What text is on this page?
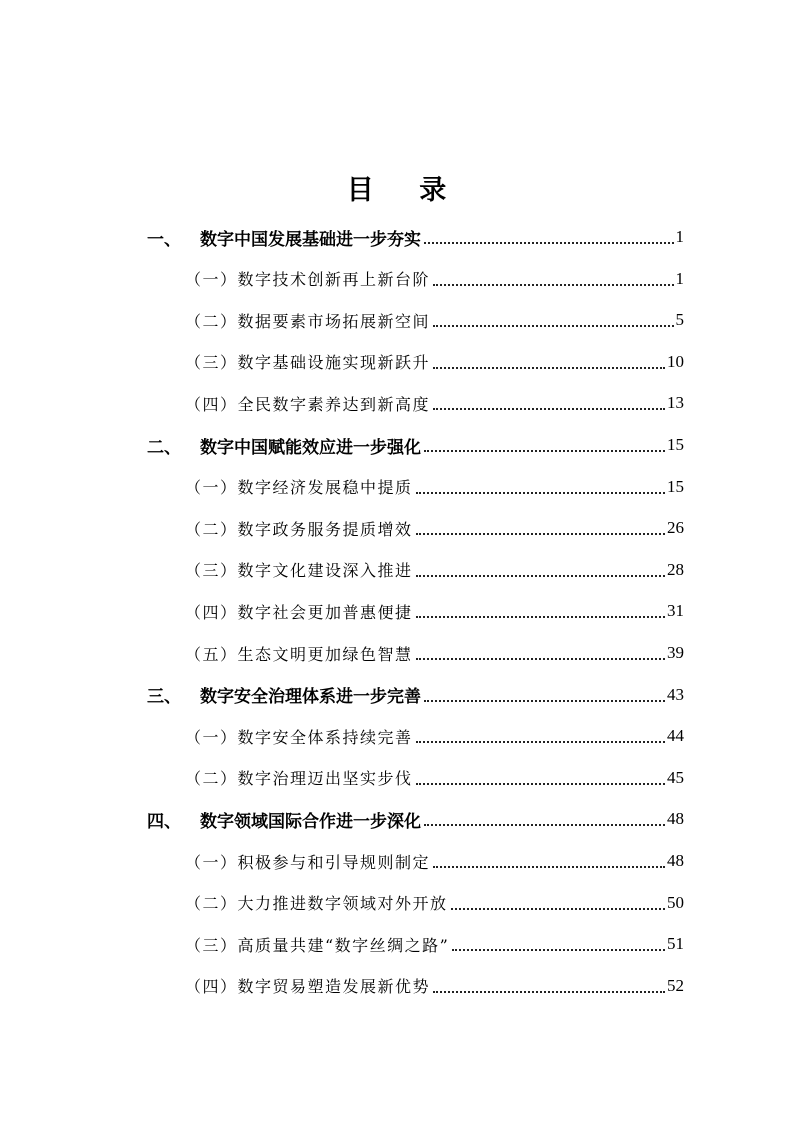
目 录
一、	数字中国发展基础进一步夯实	1
（一）数字技术创新再上新台阶	1
（二）数据要素市场拓展新空间	5
（三）数字基础设施实现新跃升	10
（四）全民数字素养达到新高度	13
二、	数字中国赋能效应进一步强化	15
（一）数字经济发展稳中提质	15
（二）数字政务服务提质增效	26
（三）数字文化建设深入推进	28
（四）数字社会更加普惠便捷	31
（五）生态文明更加绿色智慧	39
三、	数字安全治理体系进一步完善	43
（一）数字安全体系持续完善	44
（二）数字治理迈出坚实步伐	45
四、	数字领域国际合作进一步深化	48
（一）积极参与和引导规则制定	48
（二）大力推进数字领域对外开放	50
（三）高质量共建“数字丝绸之路”	51
（四）数字贸易塑造发展新优势	52
